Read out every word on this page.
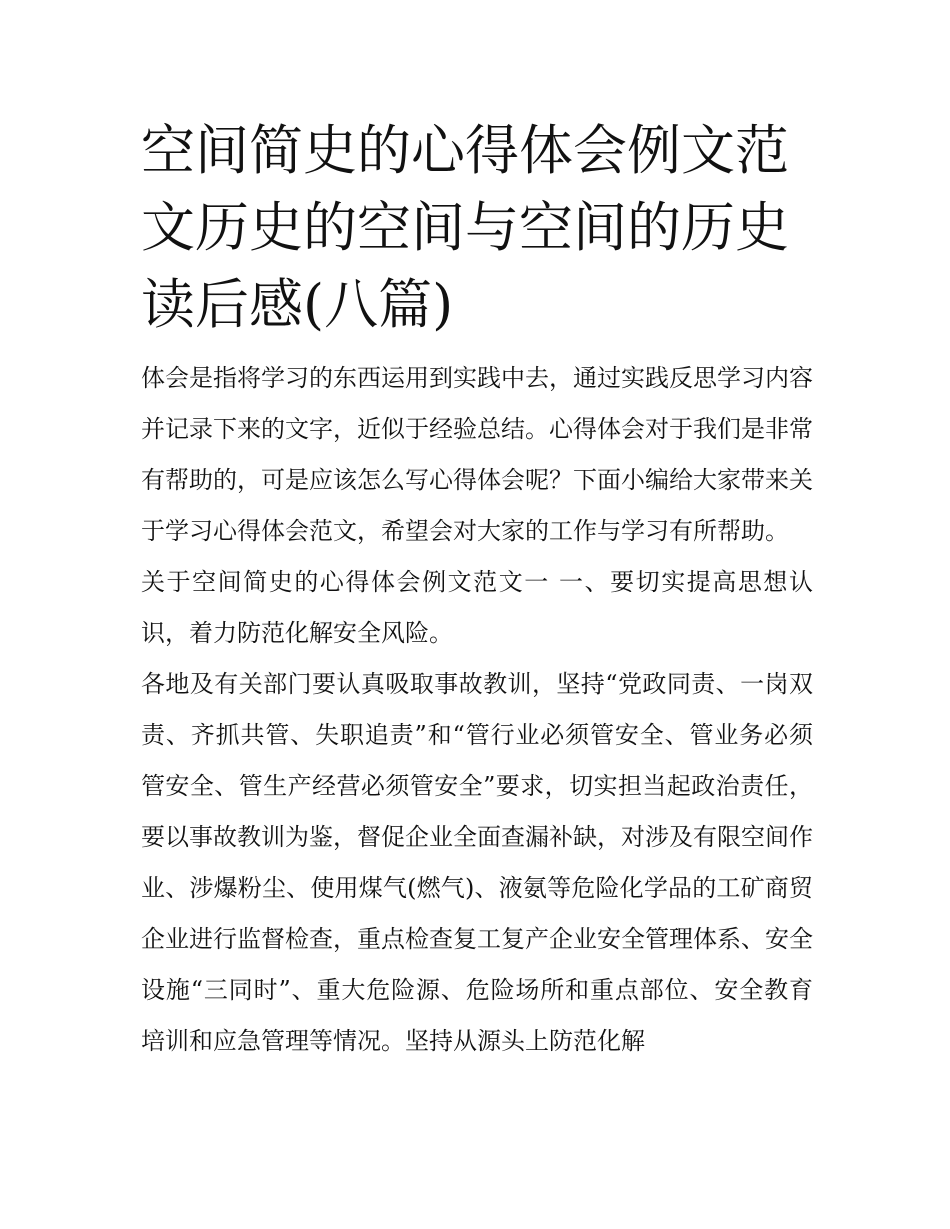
空间简史的心得体会例文范文历史的空间与空间的历史读后感(八篇)

体会是指将学习的东西运用到实践中去，通过实践反思学习内容并记录下来的文字，近似于经验总结。心得体会对于我们是非常有帮助的，可是应该怎么写心得体会呢？下面小编给大家带来关于学习心得体会范文，希望会对大家的工作与学习有所帮助。

关于空间简史的心得体会例文范文一 一、要切实提高思想认识，着力防范化解安全风险。

各地及有关部门要认真吸取事故教训，坚持“党政同责、一岗双责、齐抓共管、失职追责”和“管行业必须管安全、管业务必须管安全、管生产经营必须管安全”要求，切实担当起政治责任，要以事故教训为鉴，督促企业全面查漏补缺，对涉及有限空间作业、涉爆粉尘、使用煤气(燃气)、液氨等危险化学品的工矿商贸企业进行监督检查，重点检查复工复产企业安全管理体系、安全设施“三同时”、重大危险源、危险场所和重点部位、安全教育培训和应急管理等情况。坚持从源头上防范化解
